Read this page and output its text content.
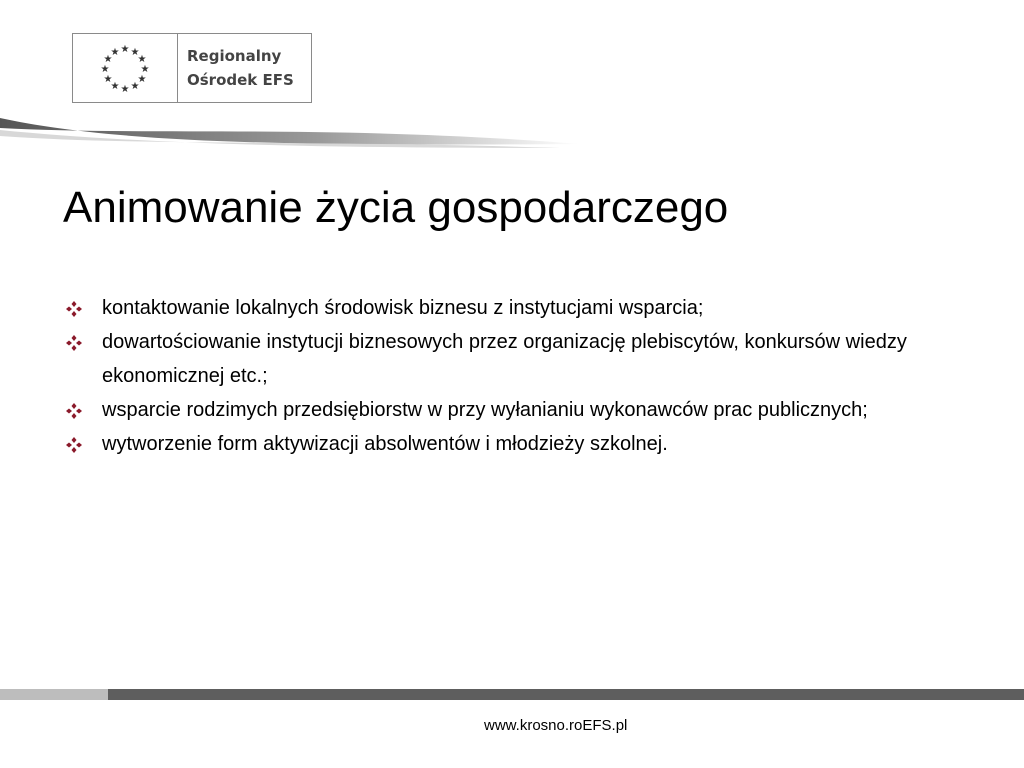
★ ★
★
★
★
★
★
★
★
★
★
★	Regionalny
Ośrodek EFS
Animowanie życia gospodarczego
kontaktowanie lokalnych środowisk biznesu z instytucjami wsparcia;
dowartościowanie instytucji biznesowych przez organizację plebiscytów, konkursów wiedzy ekonomicznej etc.;
wsparcie rodzimych przedsiębiorstw w przy wyłanianiu wykonawców prac publicznych;
wytworzenie form aktywizacji absolwentów i młodzieży szkolnej.
www.krosno.roEFS.pl
